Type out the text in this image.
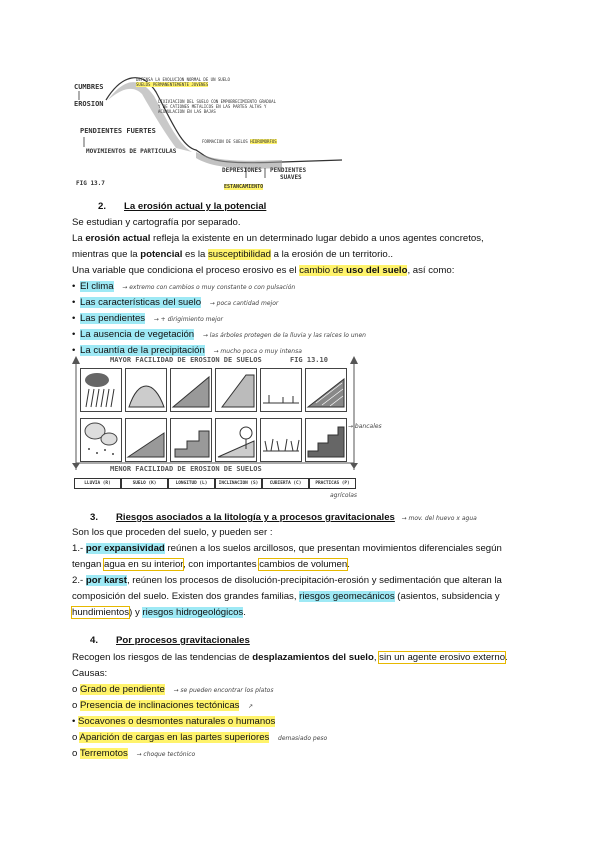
CUMBRES
EROSION
PENDIENTES FUERTES
MOVIMIENTOS DE PARTICULAS
DEFENSA LA EVOLUCION NORMAL DE UN SUELO
SUELOS PERMANENTEMENTE JOVENES
LIXIVIACION DEL SUELO CON EMPOBRECIMIENTO GRADUAL
Y DE CATIONES METALICOS EN LAS PARTES ALTAS Y
ACUMULACION EN LAS BAJAS
FORMACION DE SUELOS HIDROMORFOS
DEPRESIONES PENDIENTES
SUAVES
FIG 13.7	ESTANCAMIENTO
2. La erosión actual y la potencial
Se estudian y cartografía por separado.
La erosión actual refleja la existente en un determinado lugar debido a unos agentes concretos,
mientras que la potencial es la susceptibilidad a la erosión de un territorio..
Una variable que condiciona el proceso erosivo es el cambio de uso del suelo, así como:
• El clima → extremo con cambios o muy constante o con pulsación
• Las características del suelo → poca cantidad mejor
• Las pendientes → + dirigimiento mejor
• La ausencia de vegetación → las árboles protegen de la lluvia y las raíces lo unen
• La cuantía de la precipitación → mucho poca o muy intensa
MAYOR FACILIDAD DE EROSION DE SUELOS	FIG 13.10
MENOR FACILIDAD DE EROSION DE SUELOS
LLUVIA (R)	SUELO (K)	LONGITUD (L)	INCLINACION (S)	CUBIERTA (C)	PRACTICAS (P)
→ bancales
agrícolas
3. Riesgos asociados a la litología y a procesos gravitacionales → mov. del huevo x agua
Son los que proceden del suelo, y pueden ser :
1.- por expansividad reúnen a los suelos arcillosos, que presentan movimientos diferenciales según
tengan agua en su interior, con importantes cambios de volumen.
2.- por karst, reúnen los procesos de disolución-precipitación-erosión y sedimentación que alteran la
composición del suelo. Existen dos grandes familias, riesgos geomecánicos (asientos, subsidencia y
hundimientos) y riesgos hidrogeológicos.
4. Por procesos gravitacionales
Recogen los riesgos de las tendencias de desplazamientos del suelo, sin un agente erosivo externo.
Causas:
o Grado de pendiente → se pueden encontrar los platos
o Presencia de inclinaciones tectónicas ↗
• Socavones o desmontes naturales o humanos
o Aparición de cargas en las partes superiores demasiado peso
o Terremotos → choque tectónico
